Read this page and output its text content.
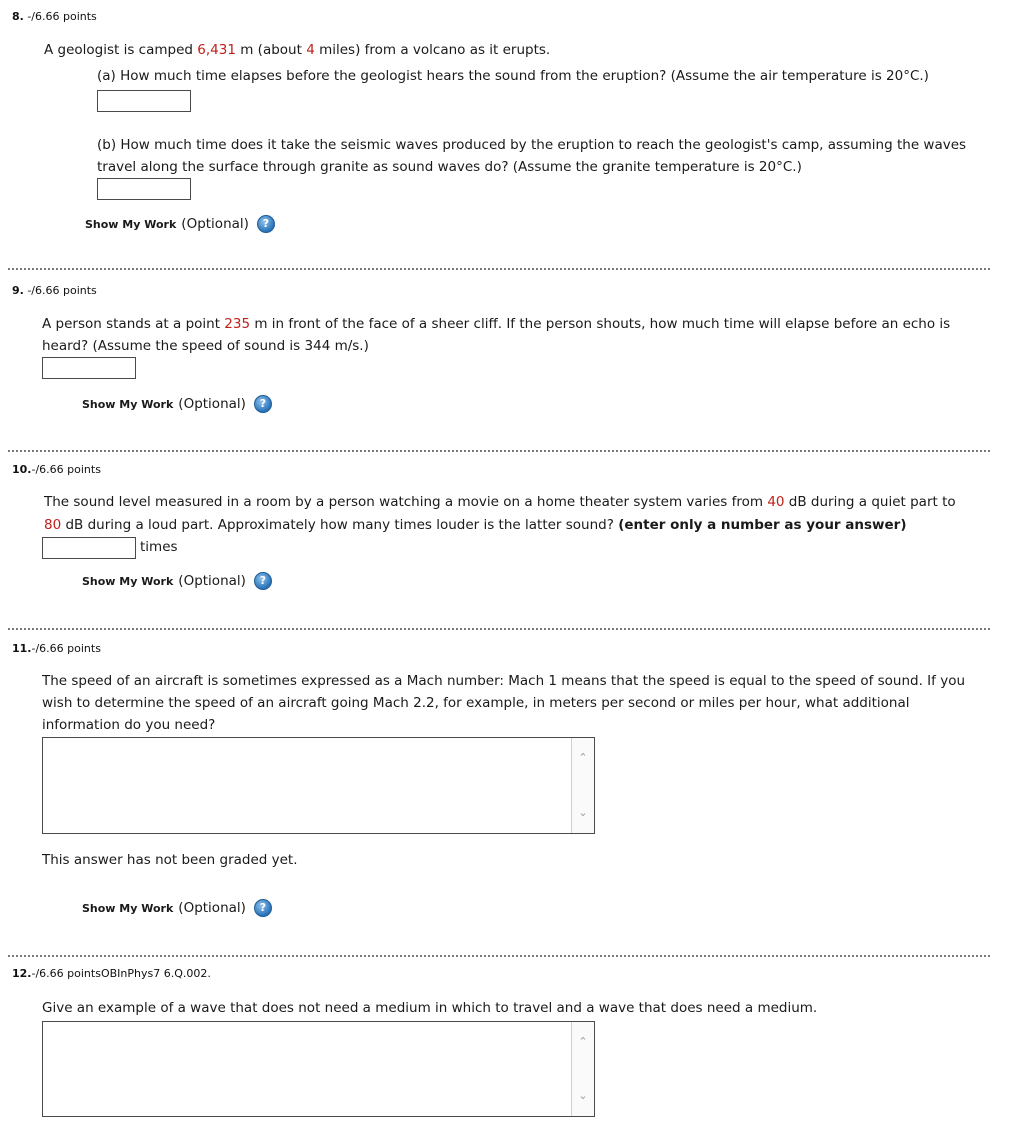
8. -/6.66 points
A geologist is camped 6,431 m (about 4 miles) from a volcano as it erupts.
(a) How much time elapses before the geologist hears the sound from the eruption? (Assume the air temperature is 20°C.)
(b) How much time does it take the seismic waves produced by the eruption to reach the geologist's camp, assuming the waves
travel along the surface through granite as sound waves do? (Assume the granite temperature is 20°C.)
Show My Work (Optional)	?
9. -/6.66 points
A person stands at a point 235 m in front of the face of a sheer cliff. If the person shouts, how much time will elapse before an echo is
heard? (Assume the speed of sound is 344 m/s.)
Show My Work (Optional)	?
10.-/6.66 points
The sound level measured in a room by a person watching a movie on a home theater system varies from 40 dB during a quiet part to
80 dB during a loud part. Approximately how many times louder is the latter sound? (enter only a number as your answer)
times
Show My Work (Optional)	?
11.-/6.66 points
The speed of an aircraft is sometimes expressed as a Mach number: Mach 1 means that the speed is equal to the speed of sound. If you
wish to determine the speed of an aircraft going Mach 2.2, for example, in meters per second or miles per hour, what additional
information do you need?
⌃
⌄
This answer has not been graded yet.
Show My Work (Optional)	?
12.-/6.66 pointsOBInPhys7 6.Q.002.
Give an example of a wave that does not need a medium in which to travel and a wave that does need a medium.
⌃
⌄
